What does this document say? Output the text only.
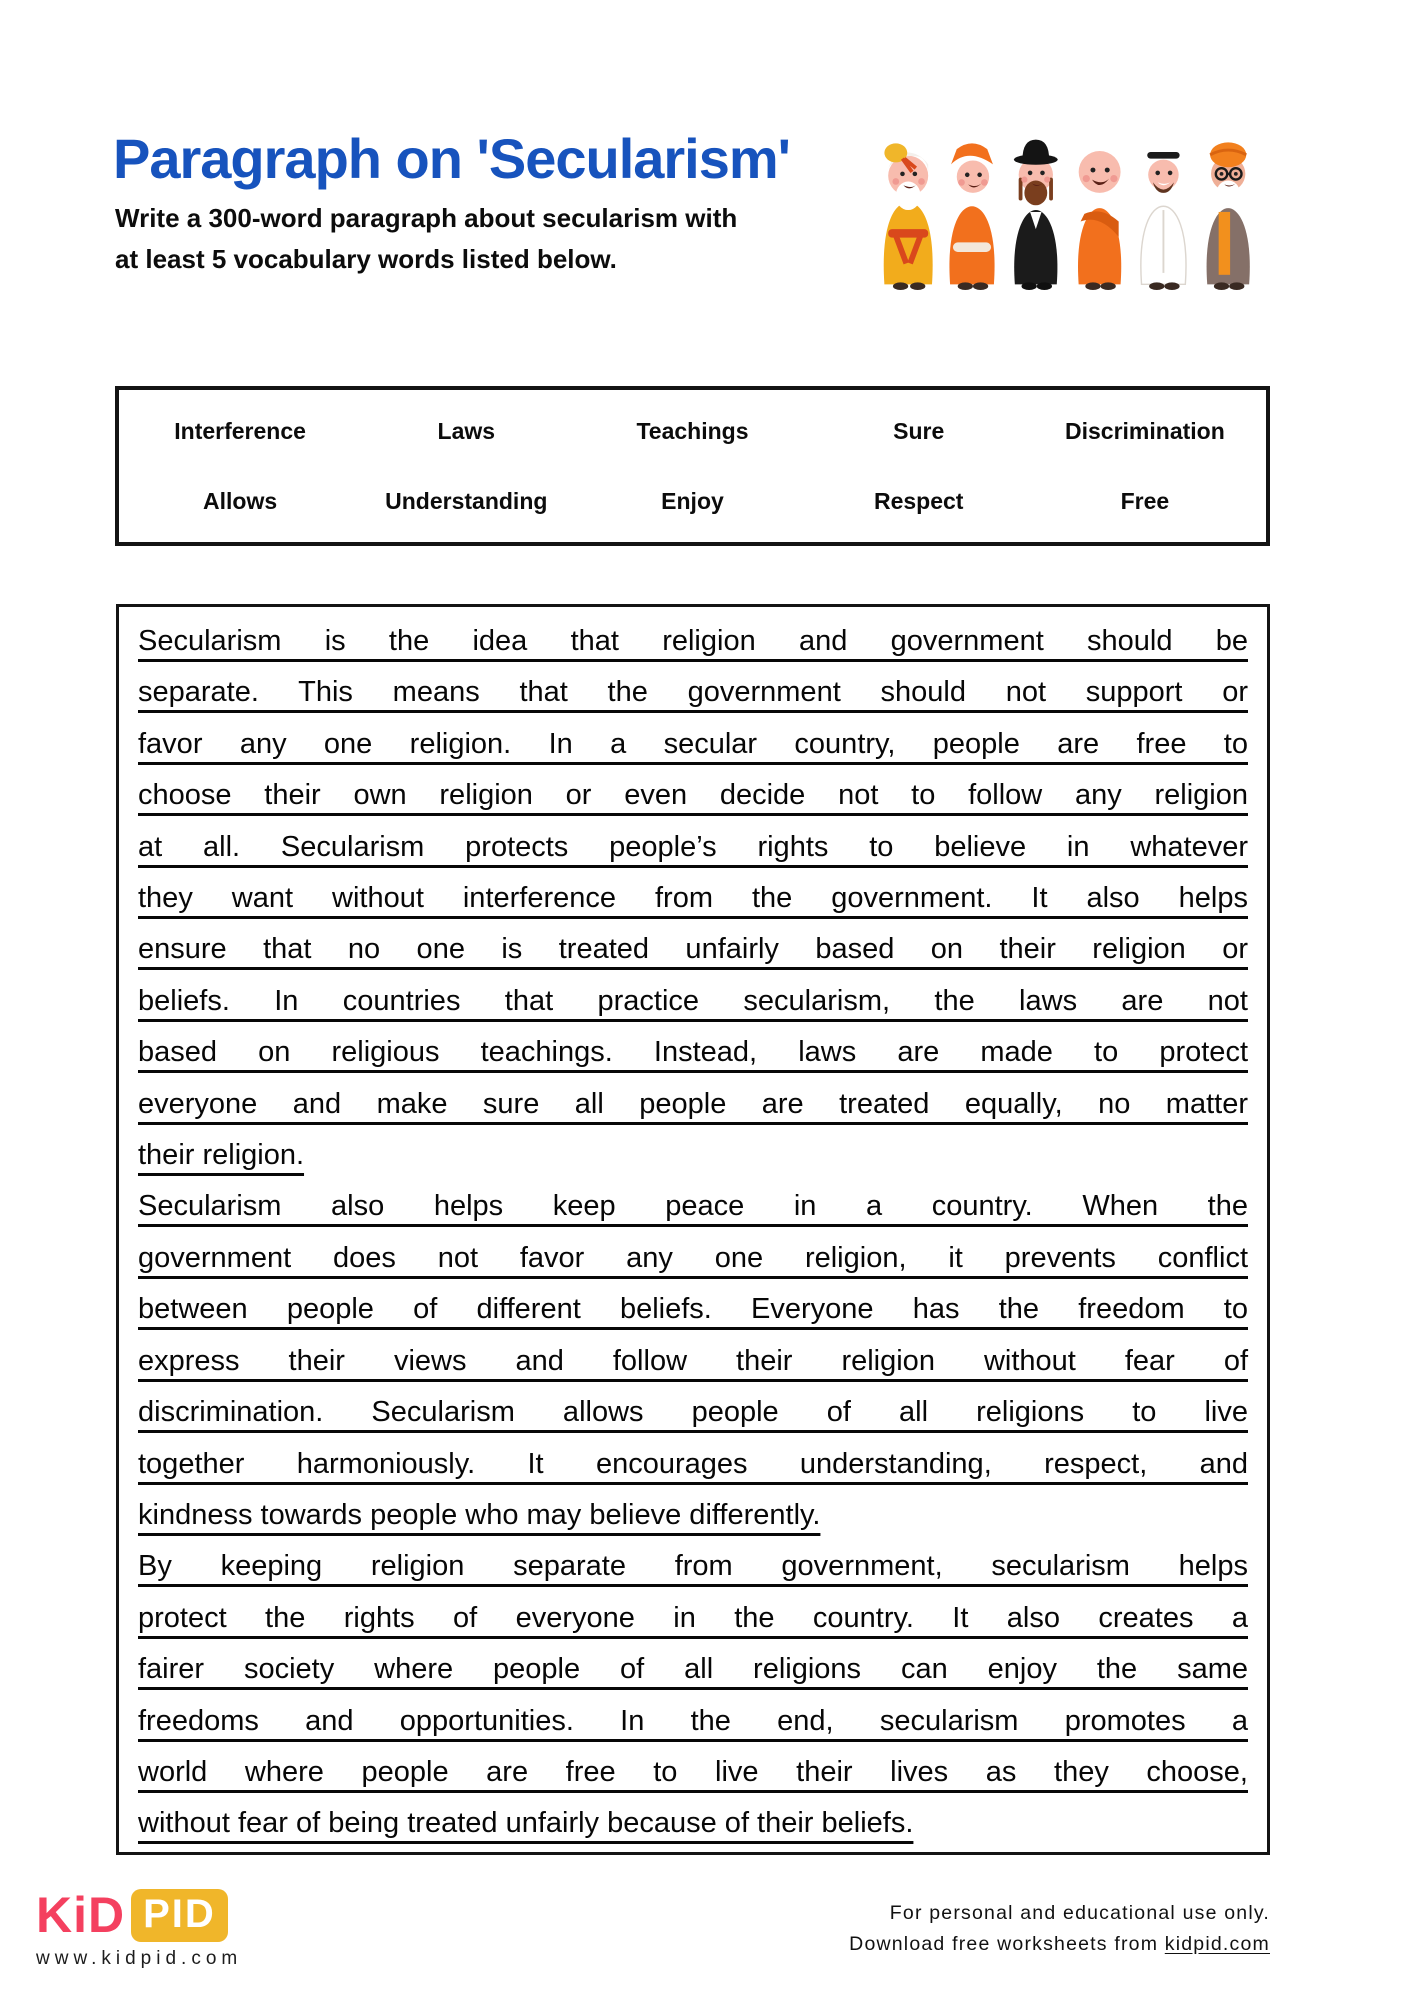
Paragraph on 'Secularism'
Write a 300-word paragraph about secularism with
at least 5 vocabulary words listed below.
Interference	Laws	Teachings	Sure	Discrimination
Allows	Understanding	Enjoy	Respect	Free
Secularism is the idea that religion and government should be
separate. This means that the government should not support or
favor any one religion. In a secular country, people are free to
choose their own religion or even decide not to follow any religion
at all. Secularism protects people’s rights to believe in whatever
they want without interference from the government. It also helps
ensure that no one is treated unfairly based on their religion or
beliefs. In countries that practice secularism, the laws are not
based on religious teachings. Instead, laws are made to protect
everyone and make sure all people are treated equally, no matter
their religion.
Secularism also helps keep peace in a country. When the
government does not favor any one religion, it prevents conflict
between people of different beliefs. Everyone has the freedom to
express their views and follow their religion without fear of
discrimination. Secularism allows people of all religions to live
together harmoniously. It encourages understanding, respect, and
kindness towards people who may believe differently.
By keeping religion separate from government, secularism helps
protect the rights of everyone in the country. It also creates a
fairer society where people of all religions can enjoy the same
freedoms and opportunities. In the end, secularism promotes a
world where people are free to live their lives as they choose,
without fear of being treated unfairly because of their beliefs.
KiD PID
www.kidpid.com
For personal and educational use only.
Download free worksheets from kidpid.com
